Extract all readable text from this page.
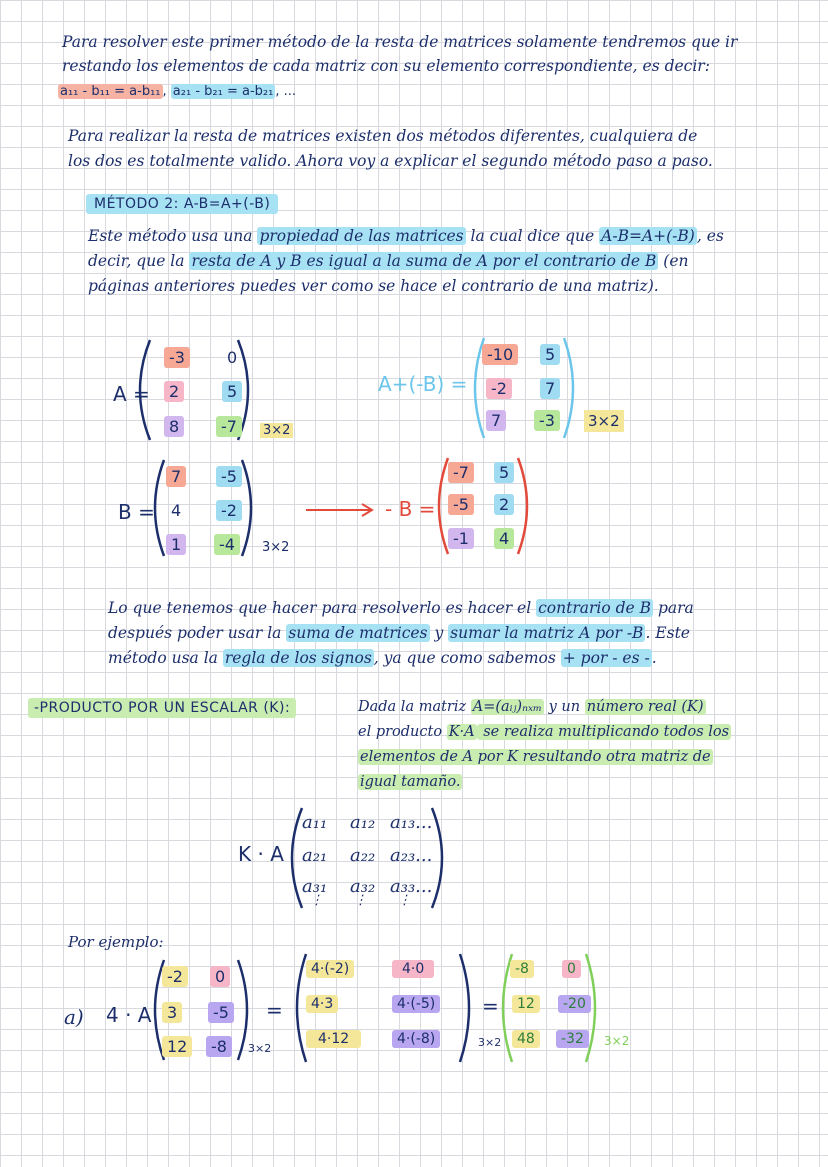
Para resolver este primer método de la resta de matrices solamente tendremos que ir
restando los elementos de cada matriz con su elemento correspondiente, es decir:
a₁₁ - b₁₁ = a-b₁₁ , a₂₁ - b₂₁ = a-b₂₁ , ...
Para realizar la resta de matrices existen dos métodos diferentes, cualquiera de
los dos es totalmente valido. Ahora voy a explicar el segundo método paso a paso.
MÉTODO 2: A-B=A+(-B)
Este método usa una propiedad de las matrices la cual dice que A-B=A+(-B) , es
decir, que la resta de A y B es igual a la suma de A por el contrario de B (en
páginas anteriores puedes ver como se hace el contrario de una matriz).
A =
-3	0
2	5
8	-7	3×2
A+(-B) =
-10	5
-2	7
7	-3	3×2
B =
7	-5
4	-2
1	-4	3×2
- B =
-7	5
-5	2
-1	4
Lo que tenemos que hacer para resolverlo es hacer el contrario de B para
después poder usar la suma de matrices y sumar la matriz A por -B . Este
método usa la regla de los signos , ya que como sabemos + por - es - .
-PRODUCTO POR UN ESCALAR (K):	Dada la matriz A=(aᵢⱼ)ₙₓₘ y un número real (K)
el producto K·A se realiza multiplicando todos los
elementos de A por K resultando otra matriz de
igual tamaño.
K · A
a₁₁ a₁₂ a₁₃...
a₂₁ a₂₂ a₂₃...
a₃₁ a₃₂ a₃₃...
⋮ ⋮ ⋮
Por ejemplo:
a) 4 · A
-2	0
3	-5
12	-8	3×2
=
4·(-2)	4·0
4·3	4·(-5)
4·12	4·(-8)	3×2
=
-8	0
12	-20
48	-32	3×2
